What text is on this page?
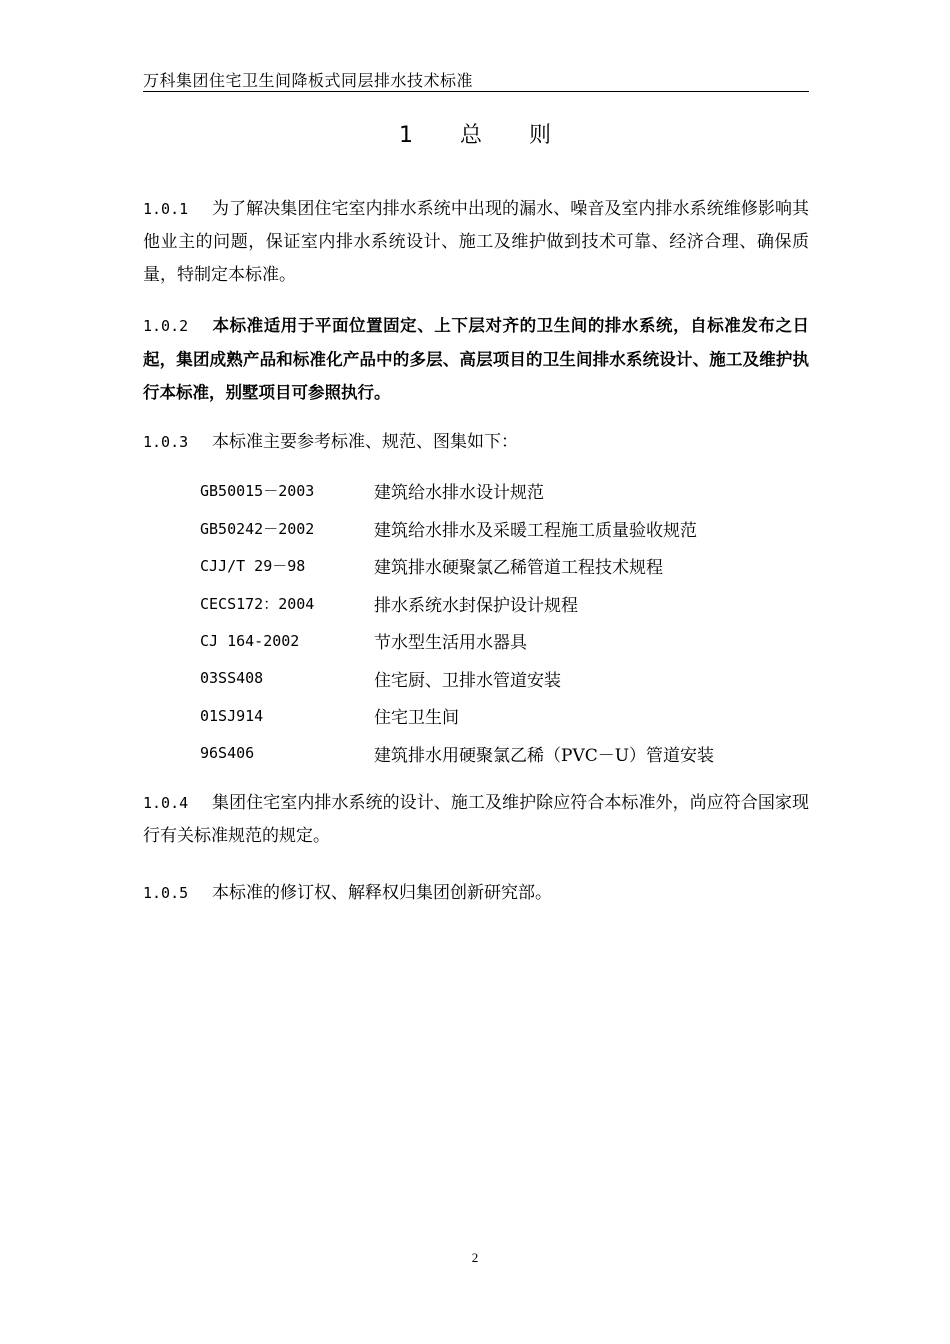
万科集团住宅卫生间降板式同层排水技术标准
1 总 则

1.0.1 为了解决集团住宅室内排水系统中出现的漏水、噪音及室内排水系统维修影响其他业主的问题，保证室内排水系统设计、施工及维护做到技术可靠、经济合理、确保质量，特制定本标准。

1.0.2 本标准适用于平面位置固定、上下层对齐的卫生间的排水系统，自标准发布之日起，集团成熟产品和标准化产品中的多层、高层项目的卫生间排水系统设计、施工及维护执行本标准，别墅项目可参照执行。

1.0.3 本标准主要参考标准、规范、图集如下：

GB50015－2003	建筑给水排水设计规范
GB50242－2002	建筑给水排水及采暖工程施工质量验收规范
CJJ/T 29－98	建筑排水硬聚氯乙稀管道工程技术规程
CECS172：2004	排水系统水封保护设计规程
CJ 164-2002	节水型生活用水器具
03SS408	住宅厨、卫排水管道安装
01SJ914	住宅卫生间
96S406	建筑排水用硬聚氯乙稀（PVC－U）管道安装

1.0.4 集团住宅室内排水系统的设计、施工及维护除应符合本标准外，尚应符合国家现行有关标准规范的规定。

1.0.5 本标准的修订权、解释权归集团创新研究部。

2
